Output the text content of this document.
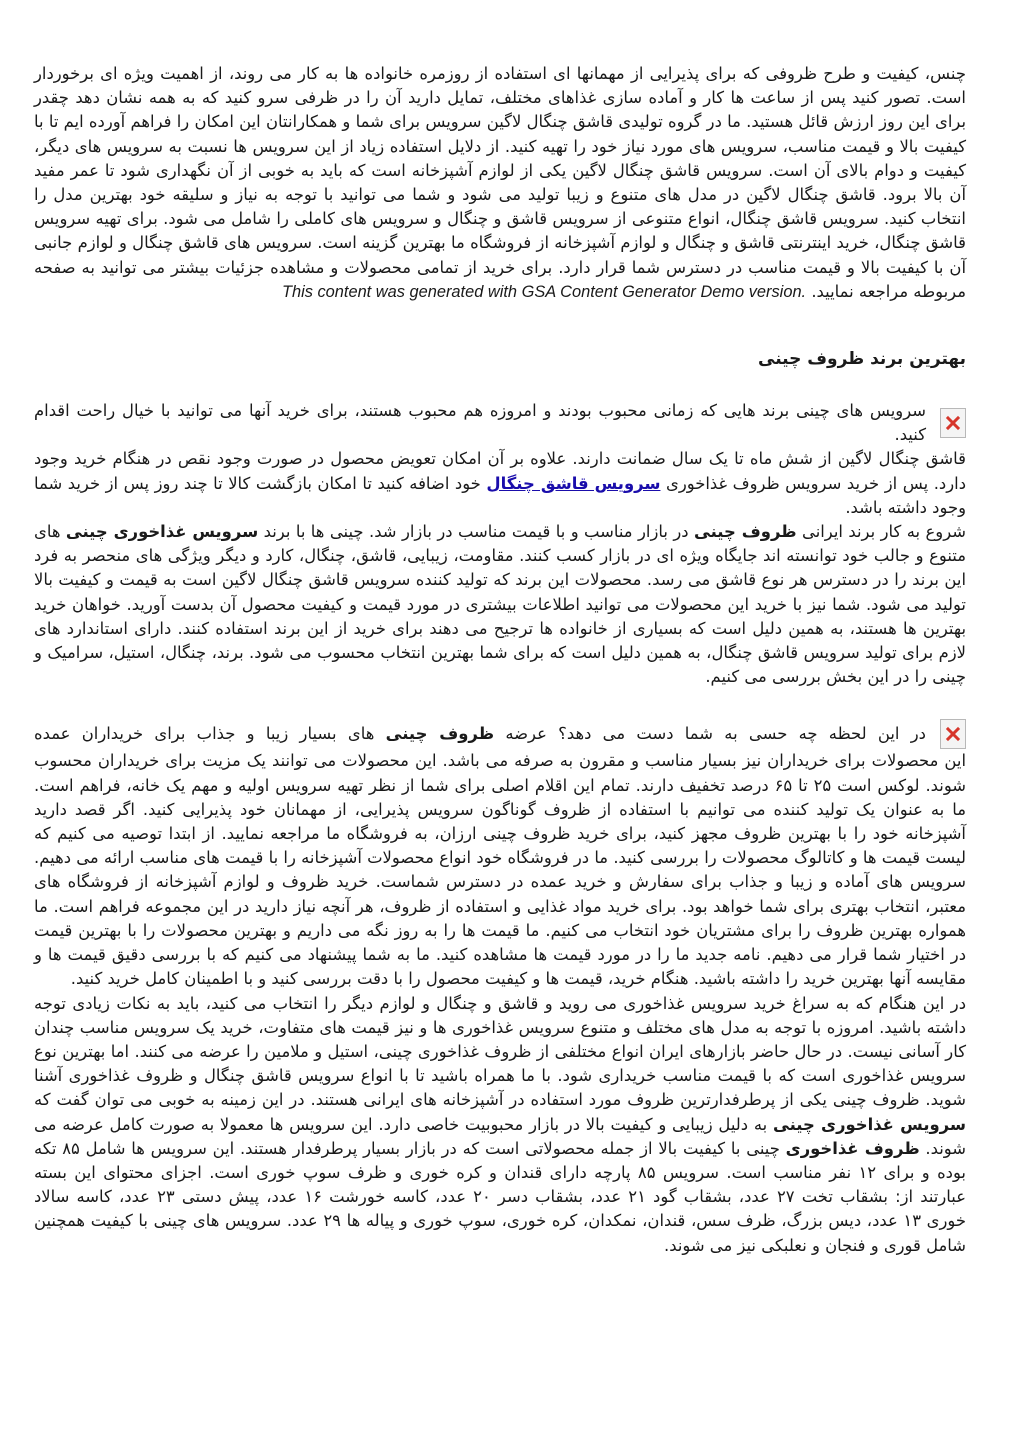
چنس، کیفیت و طرح ظروفی که برای پذیرایی از مهمانها ای استفاده از روزمره خانواده ها به کار می روند، از اهمیت ویژه ای برخوردار است. تصور کنید پس از ساعت ها کار و آماده سازی غذاهای مختلف، تمایل دارید آن را در ظرفی سرو کنید که به همه نشان دهد چقدر برای این روز ارزش قائل هستید. ما در گروه تولیدی قاشق چنگال لاگین سرویس برای شما و همکارانتان این امکان را فراهم آورده ایم تا با کیفیت بالا و قیمت مناسب، سرویس های مورد نیاز خود را تهیه کنید. از دلایل استفاده زیاد از این سرویس ها نسبت به سرویس های دیگر، کیفیت و دوام بالای آن است. سرویس قاشق چنگال لاگین یکی از لوازم آشپزخانه است که باید به خوبی از آن نگهداری شود تا عمر مفید آن بالا برود. قاشق چنگال لاگین در مدل های متنوع و زیبا تولید می شود و شما می توانید با توجه به نیاز و سلیقه خود بهترین مدل را انتخاب کنید. سرویس قاشق چنگال، انواع متنوعی از سرویس قاشق و چنگال و سرویس های کاملی را شامل می شود. برای تهیه سرویس قاشق چنگال، خرید اینترنتی قاشق و چنگال و لوازم آشپزخانه از فروشگاه ما بهترین گزینه است. سرویس های قاشق چنگال و لوازم جانبی آن با کیفیت بالا و قیمت مناسب در دسترس شما قرار دارد. برای خرید از تمامی محصولات و مشاهده جزئیات بیشتر می توانید به صفحه مربوطه مراجعه نمایید. This content was generated with GSA Content Generator Demo version.

بهترین برند ظروف چینی
سرویس های چینی برند هایی که زمانی محبوب بودند و امروزه هم محبوب هستند، برای خرید آنها می توانید با خیال راحت اقدام کنید.

قاشق چنگال لاگین از شش ماه تا یک سال ضمانت دارند. علاوه بر آن امکان تعویض محصول در صورت وجود نقص در هنگام خرید وجود دارد. پس از خرید سرویس ظروف غذاخوری سرویس قاشق چنگال خود اضافه کنید تا امکان بازگشت کالا تا چند روز پس از خرید شما وجود داشته باشد.

شروع به کار برند ایرانی ظروف چینی در بازار مناسب و با قیمت مناسب در بازار شد. چینی ها با برند سرویس غذاخوری چینی های متنوع و جالب خود توانسته اند جایگاه ویژه ای در بازار کسب کنند. مقاومت، زیبایی، قاشق، چنگال، کارد و دیگر ویژگی های منحصر به فرد این برند را در دسترس هر نوع قاشق می رسد. محصولات این برند که تولید کننده سرویس قاشق چنگال لاگین است به قیمت و کیفیت بالا تولید می شود. شما نیز با خرید این محصولات می توانید اطلاعات بیشتری در مورد قیمت و کیفیت محصول آن بدست آورید. خواهان خرید بهترین ها هستند، به همین دلیل است که بسیاری از خانواده ها ترجیح می دهند برای خرید از این برند استفاده کنند. دارای استاندارد های لازم برای تولید سرویس قاشق چنگال، به همین دلیل است که برای شما بهترین انتخاب محسوب می شود. برند، چنگال، استیل، سرامیک و چینی را در این بخش بررسی می کنیم.

در این لحظه چه حسی به شما دست می دهد؟ عرضه ظروف چینی های بسیار زیبا و جذاب برای خریداران عمده

این محصولات برای خریداران نیز بسیار مناسب و مقرون به صرفه می باشد. این محصولات می توانند یک مزیت برای خریداران محسوب شوند. لوکس است ۲۵ تا ۶۵ درصد تخفیف دارند. تمام این اقلام اصلی برای شما از نظر تهیه سرویس اولیه و مهم یک خانه، فراهم است. ما به عنوان یک تولید کننده می توانیم با استفاده از ظروف گوناگون سرویس پذیرایی، از مهمانان خود پذیرایی کنید. اگر قصد دارید آشپزخانه خود را با بهترین ظروف مجهز کنید، برای خرید ظروف چینی ارزان، به فروشگاه ما مراجعه نمایید. از ابتدا توصیه می کنیم که لیست قیمت ها و کاتالوگ محصولات را بررسی کنید. ما در فروشگاه خود انواع محصولات آشپزخانه را با قیمت های مناسب ارائه می دهیم. سرویس های آماده و زیبا و جذاب برای سفارش و خرید عمده در دسترس شماست. خرید ظروف و لوازم آشپزخانه از فروشگاه های معتبر، انتخاب بهتری برای شما خواهد بود. برای خرید مواد غذایی و استفاده از ظروف، هر آنچه نیاز دارید در این مجموعه فراهم است. ما همواره بهترین ظروف را برای مشتریان خود انتخاب می کنیم. ما قیمت ها را به روز نگه می داریم و بهترین محصولات را با بهترین قیمت در اختیار شما قرار می دهیم. نامه جدید ما را در مورد قیمت ها مشاهده کنید. ما به شما پیشنهاد می کنیم که با بررسی دقیق قیمت ها و مقایسه آنها بهترین خرید را داشته باشید. هنگام خرید، قیمت ها و کیفیت محصول را با دقت بررسی کنید و با اطمینان کامل خرید کنید.

در این هنگام که به سراغ خرید سرویس غذاخوری می روید و قاشق و چنگال و لوازم دیگر را انتخاب می کنید، باید به نکات زیادی توجه داشته باشید. امروزه با توجه به مدل های مختلف و متنوع سرویس غذاخوری ها و نیز قیمت های متفاوت، خرید یک سرویس مناسب چندان کار آسانی نیست. در حال حاضر بازارهای ایران انواع مختلفی از ظروف غذاخوری چینی، استیل و ملامین را عرضه می کنند. اما بهترین نوع سرویس غذاخوری است که با قیمت مناسب خریداری شود. با ما همراه باشید تا با انواع سرویس قاشق چنگال و ظروف غذاخوری آشنا شوید. ظروف چینی یکی از پرطرفدارترین ظروف مورد استفاده در آشپزخانه های ایرانی هستند. در این زمینه به خوبی می توان گفت که سرویس غذاخوری چینی به دلیل زیبایی و کیفیت بالا در بازار محبوبیت خاصی دارد. این سرویس ها معمولا به صورت کامل عرضه می شوند. ظروف غذاخوری چینی با کیفیت بالا از جمله محصولاتی است که در بازار بسیار پرطرفدار هستند. این سرویس ها شامل ۸۵ تکه بوده و برای ۱۲ نفر مناسب است. سرویس ۸۵ پارچه دارای قندان و کره خوری و ظرف سوپ خوری است. اجزای محتوای این بسته عبارتند از: بشقاب تخت ۲۷ عدد، بشقاب گود ۲۱ عدد، بشقاب دسر ۲۰ عدد، کاسه خورشت ۱۶ عدد، پیش دستی ۲۳ عدد، کاسه سالاد خوری ۱۳ عدد، دیس بزرگ، ظرف سس، قندان، نمکدان، کره خوری، سوپ خوری و پیاله ها ۲۹ عدد. سرویس های چینی با کیفیت همچنین شامل قوری و فنجان و نعلبکی نیز می شوند.
